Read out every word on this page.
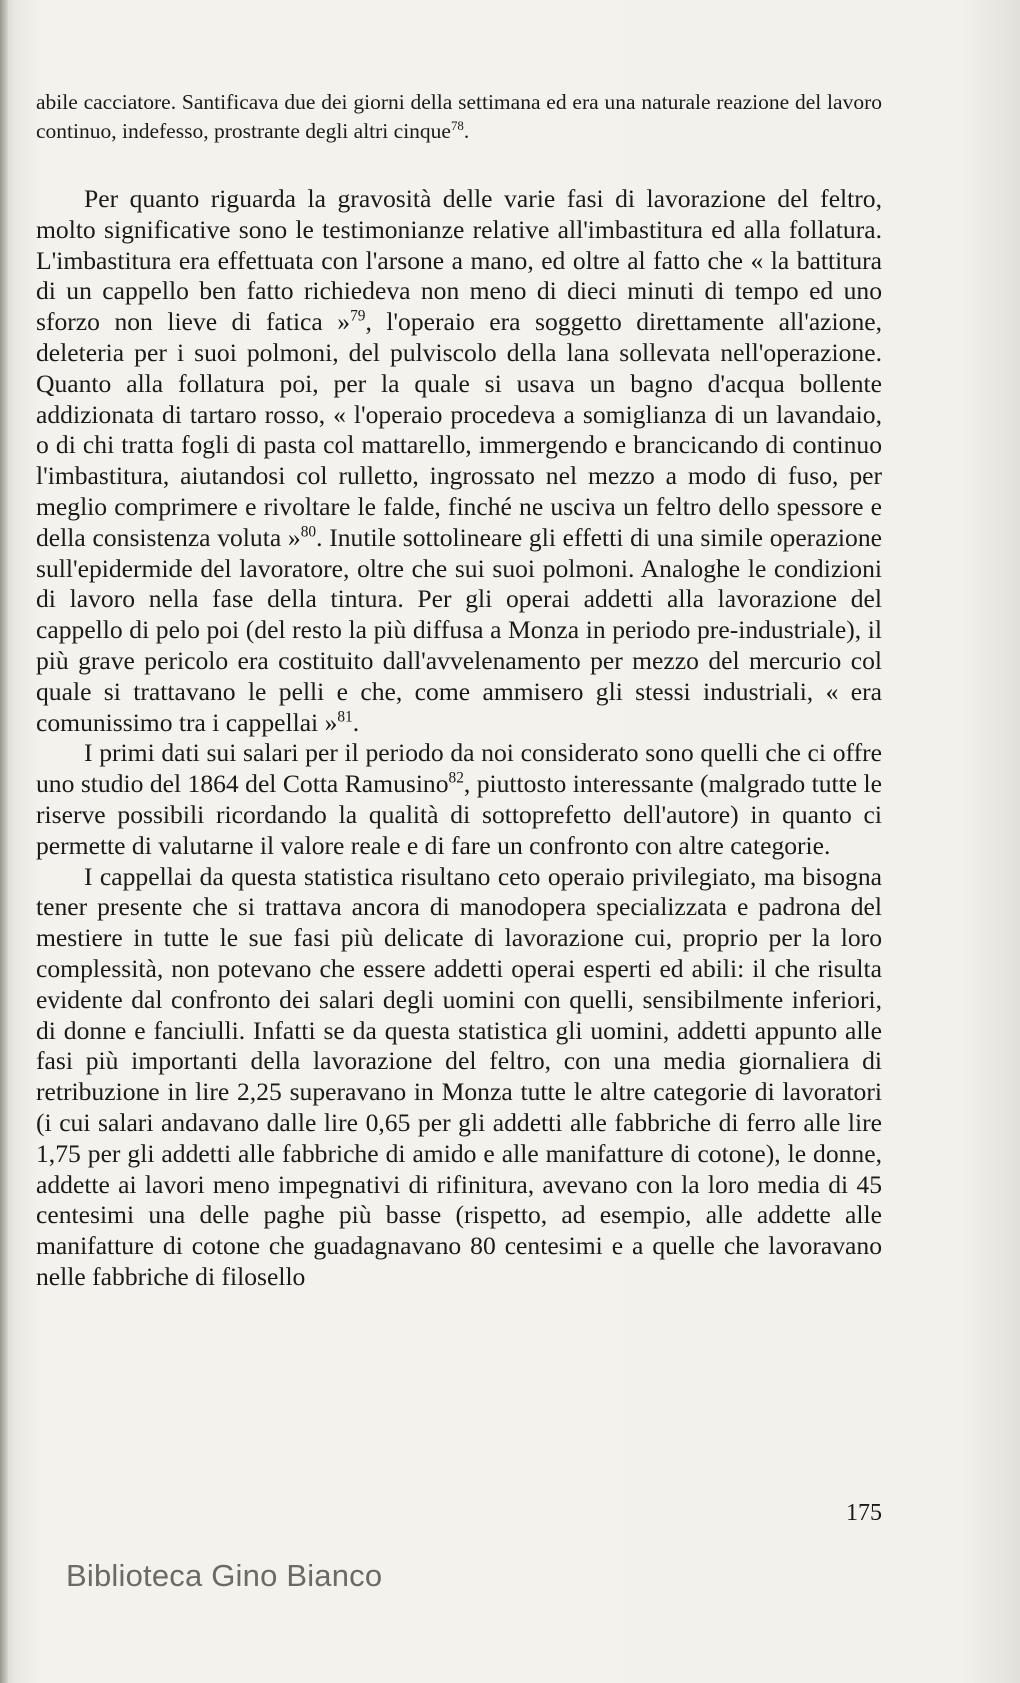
abile cacciatore. Santificava due dei giorni della settimana ed era una naturale reazione del lavoro continuo, indefesso, prostrante degli altri cinque$^{78}$.

Per quanto riguarda la gravosità delle varie fasi di lavorazione del feltro, molto significative sono le testimonianze relative all'imbastitura ed alla follatura. L'imbastitura era effettuata con l'arsone a mano, ed oltre al fatto che « la battitura di un cappello ben fatto richiedeva non meno di dieci minuti di tempo ed uno sforzo non lieve di fatica »$^{79}$, l'operaio era soggetto direttamente all'azione, deleteria per i suoi polmoni, del pulviscolo della lana sollevata nell'operazione. Quanto alla follatura poi, per la quale si usava un bagno d'acqua bollente addizionata di tartaro rosso, « l'operaio procedeva a somiglianza di un lavandaio, o di chi tratta fogli di pasta col mattarello, immergendo e brancicando di continuo l'imbastitura, aiutandosi col rulletto, ingrossato nel mezzo a modo di fuso, per meglio comprimere e rivoltare le falde, finché ne usciva un feltro dello spessore e della consistenza voluta »$^{80}$. Inutile sottolineare gli effetti di una simile operazione sull'epidermide del lavoratore, oltre che sui suoi polmoni. Analoghe le condizioni di lavoro nella fase della tintura. Per gli operai addetti alla lavorazione del cappello di pelo poi (del resto la più diffusa a Monza in periodo pre-industriale), il più grave pericolo era costituito dall'avvelenamento per mezzo del mercurio col quale si trattavano le pelli e che, come ammisero gli stessi industriali, « era comunissimo tra i cappellai »$^{81}$.

I primi dati sui salari per il periodo da noi considerato sono quelli che ci offre uno studio del 1864 del Cotta Ramusino$^{82}$, piuttosto interessante (malgrado tutte le riserve possibili ricordando la qualità di sottoprefetto dell'autore) in quanto ci permette di valutarne il valore reale e di fare un confronto con altre categorie.

I cappellai da questa statistica risultano ceto operaio privilegiato, ma bisogna tener presente che si trattava ancora di manodopera specializzata e padrona del mestiere in tutte le sue fasi più delicate di lavorazione cui, proprio per la loro complessità, non potevano che essere addetti operai esperti ed abili: il che risulta evidente dal confronto dei salari degli uomini con quelli, sensibilmente inferiori, di donne e fanciulli. Infatti se da questa statistica gli uomini, addetti appunto alle fasi più importanti della lavorazione del feltro, con una media giornaliera di retribuzione in lire 2,25 superavano in Monza tutte le altre categorie di lavoratori (i cui salari andavano dalle lire 0,65 per gli addetti alle fabbriche di ferro alle lire 1,75 per gli addetti alle fabbriche di amido e alle manifatture di cotone), le donne, addette ai lavori meno impegnativi di rifinitura, avevano con la loro media di 45 centesimi una delle paghe più basse (rispetto, ad esempio, alle addette alle manifatture di cotone che guadagnavano 80 centesimi e a quelle che lavoravano nelle fabbriche di filosello

175
Biblioteca Gino Bianco
